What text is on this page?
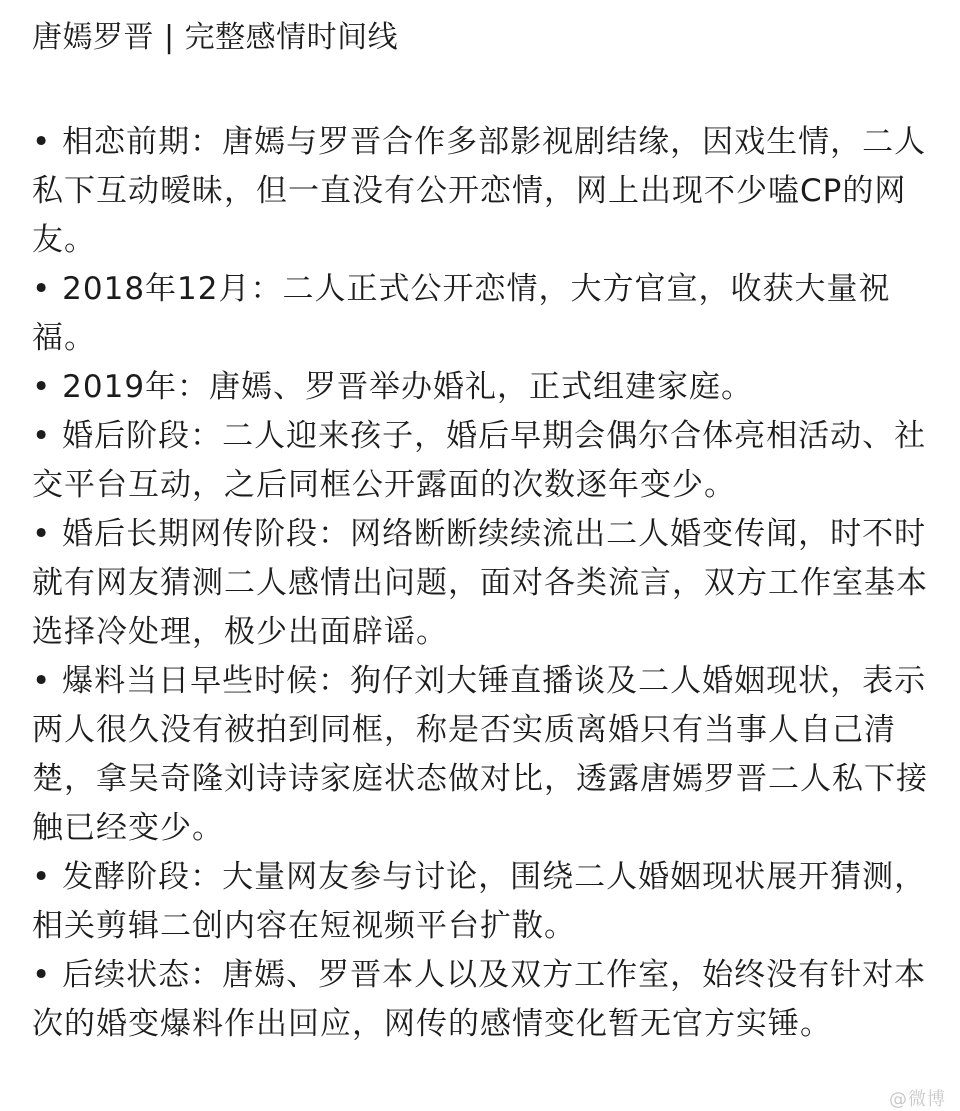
唐嫣罗晋 | 完整感情时间线
• 相恋前期：唐嫣与罗晋合作多部影视剧结缘，因戏生情，二人私下互动暧昧，但一直没有公开恋情，网上出现不少嗑CP的网友。
• 2018年12月：二人正式公开恋情，大方官宣，收获大量祝福。
• 2019年：唐嫣、罗晋举办婚礼，正式组建家庭。
• 婚后阶段：二人迎来孩子，婚后早期会偶尔合体亮相活动、社交平台互动，之后同框公开露面的次数逐年变少。
• 婚后长期网传阶段：网络断断续续流出二人婚变传闻，时不时就有网友猜测二人感情出问题，面对各类流言，双方工作室基本选择冷处理，极少出面辟谣。
• 爆料当日早些时候：狗仔刘大锤直播谈及二人婚姻现状，表示两人很久没有被拍到同框，称是否实质离婚只有当事人自己清楚，拿吴奇隆刘诗诗家庭状态做对比，透露唐嫣罗晋二人私下接触已经变少。
• 发酵阶段：大量网友参与讨论，围绕二人婚姻现状展开猜测，相关剪辑二创内容在短视频平台扩散。
• 后续状态：唐嫣、罗晋本人以及双方工作室，始终没有针对本次的婚变爆料作出回应，网传的感情变化暂无官方实锤。
@微博
